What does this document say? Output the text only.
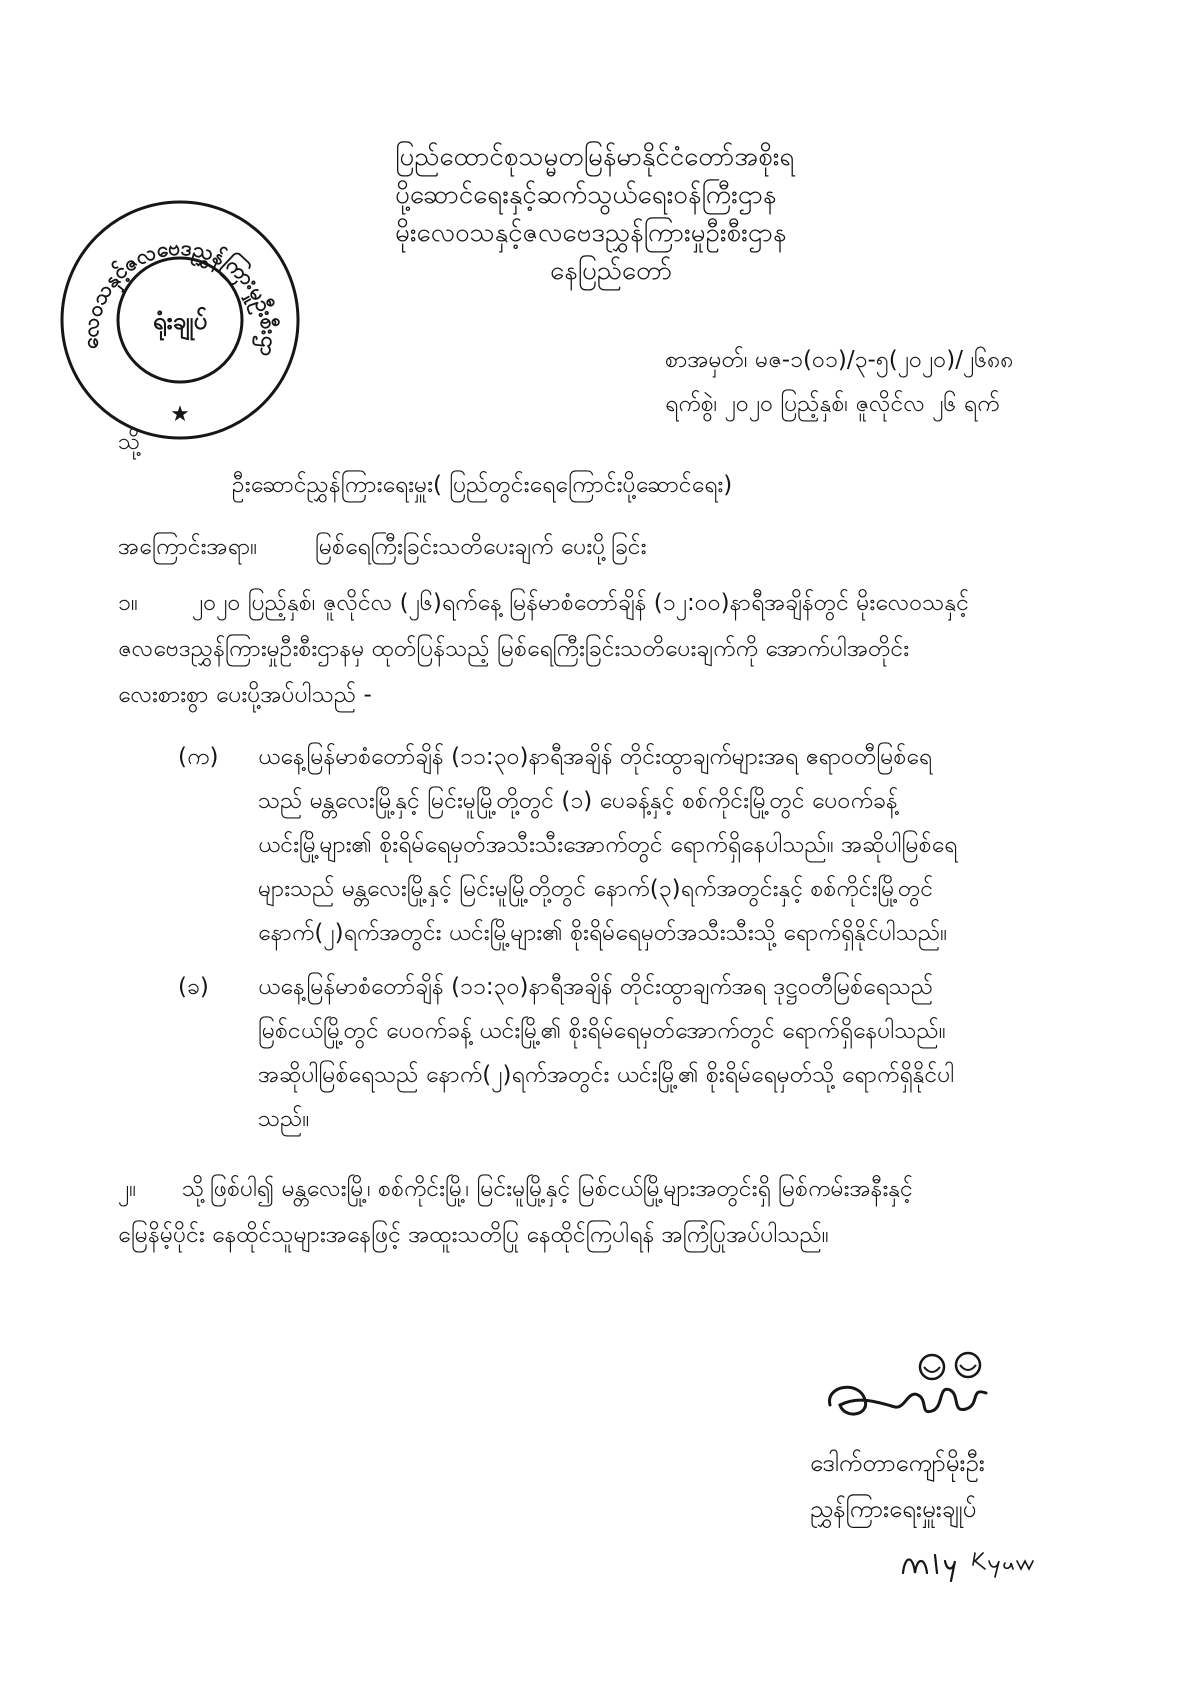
လေဝသနှင့်ဇလဗေဒညွှန်ကြားမှုဦးစီးဌာ
ရုံးချုပ်
★
ပြည်ထောင်စုသမ္မတမြန်မာနိုင်ငံတော်အစိုးရ
ပို့ဆောင်ရေးနှင့်ဆက်သွယ်ရေးဝန်ကြီးဌာန
မိုးလေဝသနှင့်ဇလဗေဒညွှန်ကြားမှုဦးစီးဌာန
နေပြည်တော်
စာအမှတ်၊ မဇ-၁(၀၁)/၃-၅(၂၀၂၀)/၂၆၈၈
ရက်စွဲ၊ ၂၀၂၀ ပြည့်နှစ်၊ ဇူလိုင်လ ၂၆ ရက်
သို့
ဦးဆောင်ညွှန်ကြားရေးမှူး( ပြည်တွင်းရေကြောင်းပို့ဆောင်ရေး)
အကြောင်းအရာ။	မြစ်ရေကြီးခြင်းသတိပေးချက် ပေးပို့ခြင်း
၁။ ၂၀၂၀ ပြည့်နှစ်၊ ဇူလိုင်လ (၂၆)ရက်နေ့ မြန်မာစံတော်ချိန် (၁၂:၀၀)နာရီအချိန်တွင် မိုးလေဝသနှင့်
ဇလဗေဒညွှန်ကြားမှုဦးစီးဌာနမှ ထုတ်ပြန်သည့် မြစ်ရေကြီးခြင်းသတိပေးချက်ကို အောက်ပါအတိုင်း
လေးစားစွာ ပေးပို့အပ်ပါသည် -
(က) ယနေ့မြန်မာစံတော်ချိန် (၁၁:၃၀)နာရီအချိန် တိုင်းထွာချက်များအရ ဧရာဝတီမြစ်ရေ
သည် မန္တလေးမြို့နှင့် မြင်းမူမြို့တို့တွင် (၁) ပေခန့်နှင့် စစ်ကိုင်းမြို့တွင် ပေ၀က်ခန့်
ယင်းမြို့များ၏ စိုးရိမ်ရေမှတ်အသီးသီးအောက်တွင် ရောက်ရှိနေပါသည်။ အဆိုပါမြစ်ရေ
များသည် မန္တလေးမြို့နှင့် မြင်းမူမြို့တို့တွင် နောက်(၃)ရက်အတွင်းနှင့် စစ်ကိုင်းမြို့တွင်
နောက်(၂)ရက်အတွင်း ယင်းမြို့များ၏ စိုးရိမ်ရေမှတ်အသီးသီးသို့ ရောက်ရှိနိုင်ပါသည်။
(ခ) ယနေ့မြန်မာစံတော်ချိန် (၁၁:၃၀)နာရီအချိန် တိုင်းထွာချက်အရ ဒုဋ္ဌဝတီမြစ်ရေသည်
မြစ်ငယ်မြို့တွင် ပေ၀က်ခန့် ယင်းမြို့၏ စိုးရိမ်ရေမှတ်အောက်တွင် ရောက်ရှိနေပါသည်။
အဆိုပါမြစ်ရေသည် နောက်(၂)ရက်အတွင်း ယင်းမြို့၏ စိုးရိမ်ရေမှတ်သို့ ရောက်ရှိနိုင်ပါ
သည်။
၂။ သို့ဖြစ်ပါ၍ မန္တလေးမြို့၊ စစ်ကိုင်းမြို့၊ မြင်းမူမြို့နှင့် မြစ်ငယ်မြို့များအတွင်းရှိ မြစ်ကမ်းအနီးနှင့်
မြေနိမ့်ပိုင်း နေထိုင်သူများအနေဖြင့် အထူးသတိပြု နေထိုင်ကြပါရန် အကြံပြုအပ်ပါသည်။
ဒေါက်တာကျော်မိုးဦး
ညွှန်ကြားရေးမှူးချုပ်
